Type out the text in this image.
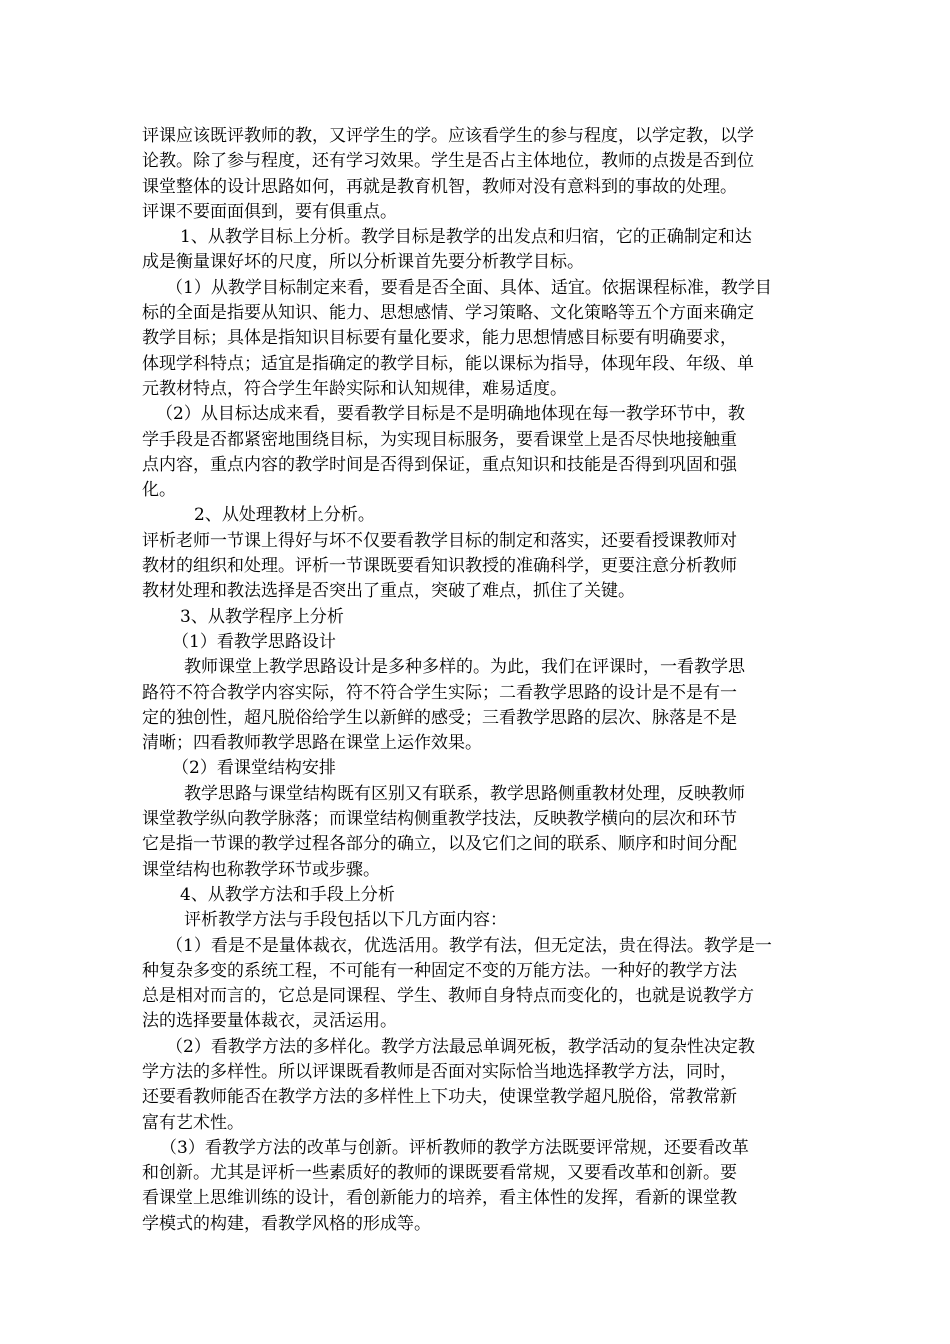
评课应该既评教师的教，又评学生的学。应该看学生的参与程度，以学定教，以学
论教。除了参与程度，还有学习效果。学生是否占主体地位，教师的点拨是否到位
课堂整体的设计思路如何，再就是教育机智，教师对没有意料到的事故的处理。
评课不要面面俱到，要有俱重点。
1、从教学目标上分析。教学目标是教学的出发点和归宿，它的正确制定和达
成是衡量课好坏的尺度，所以分析课首先要分析教学目标。
（1）从教学目标制定来看，要看是否全面、具体、适宜。依据课程标准，教学目
标的全面是指要从知识、能力、思想感情、学习策略、文化策略等五个方面来确定
教学目标；具体是指知识目标要有量化要求，能力思想情感目标要有明确要求，
体现学科特点；适宜是指确定的教学目标，能以课标为指导，体现年段、年级、单
元教材特点，符合学生年龄实际和认知规律，难易适度。
（2）从目标达成来看，要看教学目标是不是明确地体现在每一教学环节中，教
学手段是否都紧密地围绕目标，为实现目标服务，要看课堂上是否尽快地接触重
点内容，重点内容的教学时间是否得到保证，重点知识和技能是否得到巩固和强
化。
2、从处理教材上分析。
评析老师一节课上得好与坏不仅要看教学目标的制定和落实，还要看授课教师对
教材的组织和处理。评析一节课既要看知识教授的准确科学，更要注意分析教师
教材处理和教法选择是否突出了重点，突破了难点，抓住了关键。
3、从教学程序上分析
（1）看教学思路设计
教师课堂上教学思路设计是多种多样的。为此，我们在评课时，一看教学思
路符不符合教学内容实际，符不符合学生实际；二看教学思路的设计是不是有一
定的独创性，超凡脱俗给学生以新鲜的感受；三看教学思路的层次、脉落是不是
清晰；四看教师教学思路在课堂上运作效果。
（2）看课堂结构安排
教学思路与课堂结构既有区别又有联系，教学思路侧重教材处理，反映教师
课堂教学纵向教学脉落；而课堂结构侧重教学技法，反映教学横向的层次和环节
它是指一节课的教学过程各部分的确立，以及它们之间的联系、顺序和时间分配
课堂结构也称教学环节或步骤。
4、从教学方法和手段上分析
评析教学方法与手段包括以下几方面内容：
（1）看是不是量体裁衣，优选活用。教学有法，但无定法，贵在得法。教学是一
种复杂多变的系统工程，不可能有一种固定不变的万能方法。一种好的教学方法
总是相对而言的，它总是同课程、学生、教师自身特点而变化的，也就是说教学方
法的选择要量体裁衣，灵活运用。
（2）看教学方法的多样化。教学方法最忌单调死板，教学活动的复杂性决定教
学方法的多样性。所以评课既看教师是否面对实际恰当地选择教学方法，同时，
还要看教师能否在教学方法的多样性上下功夫，使课堂教学超凡脱俗，常教常新
富有艺术性。
（3）看教学方法的改革与创新。评析教师的教学方法既要评常规，还要看改革
和创新。尤其是评析一些素质好的教师的课既要看常规，又要看改革和创新。要
看课堂上思维训练的设计，看创新能力的培养，看主体性的发挥，看新的课堂教
学模式的构建，看教学风格的形成等。
